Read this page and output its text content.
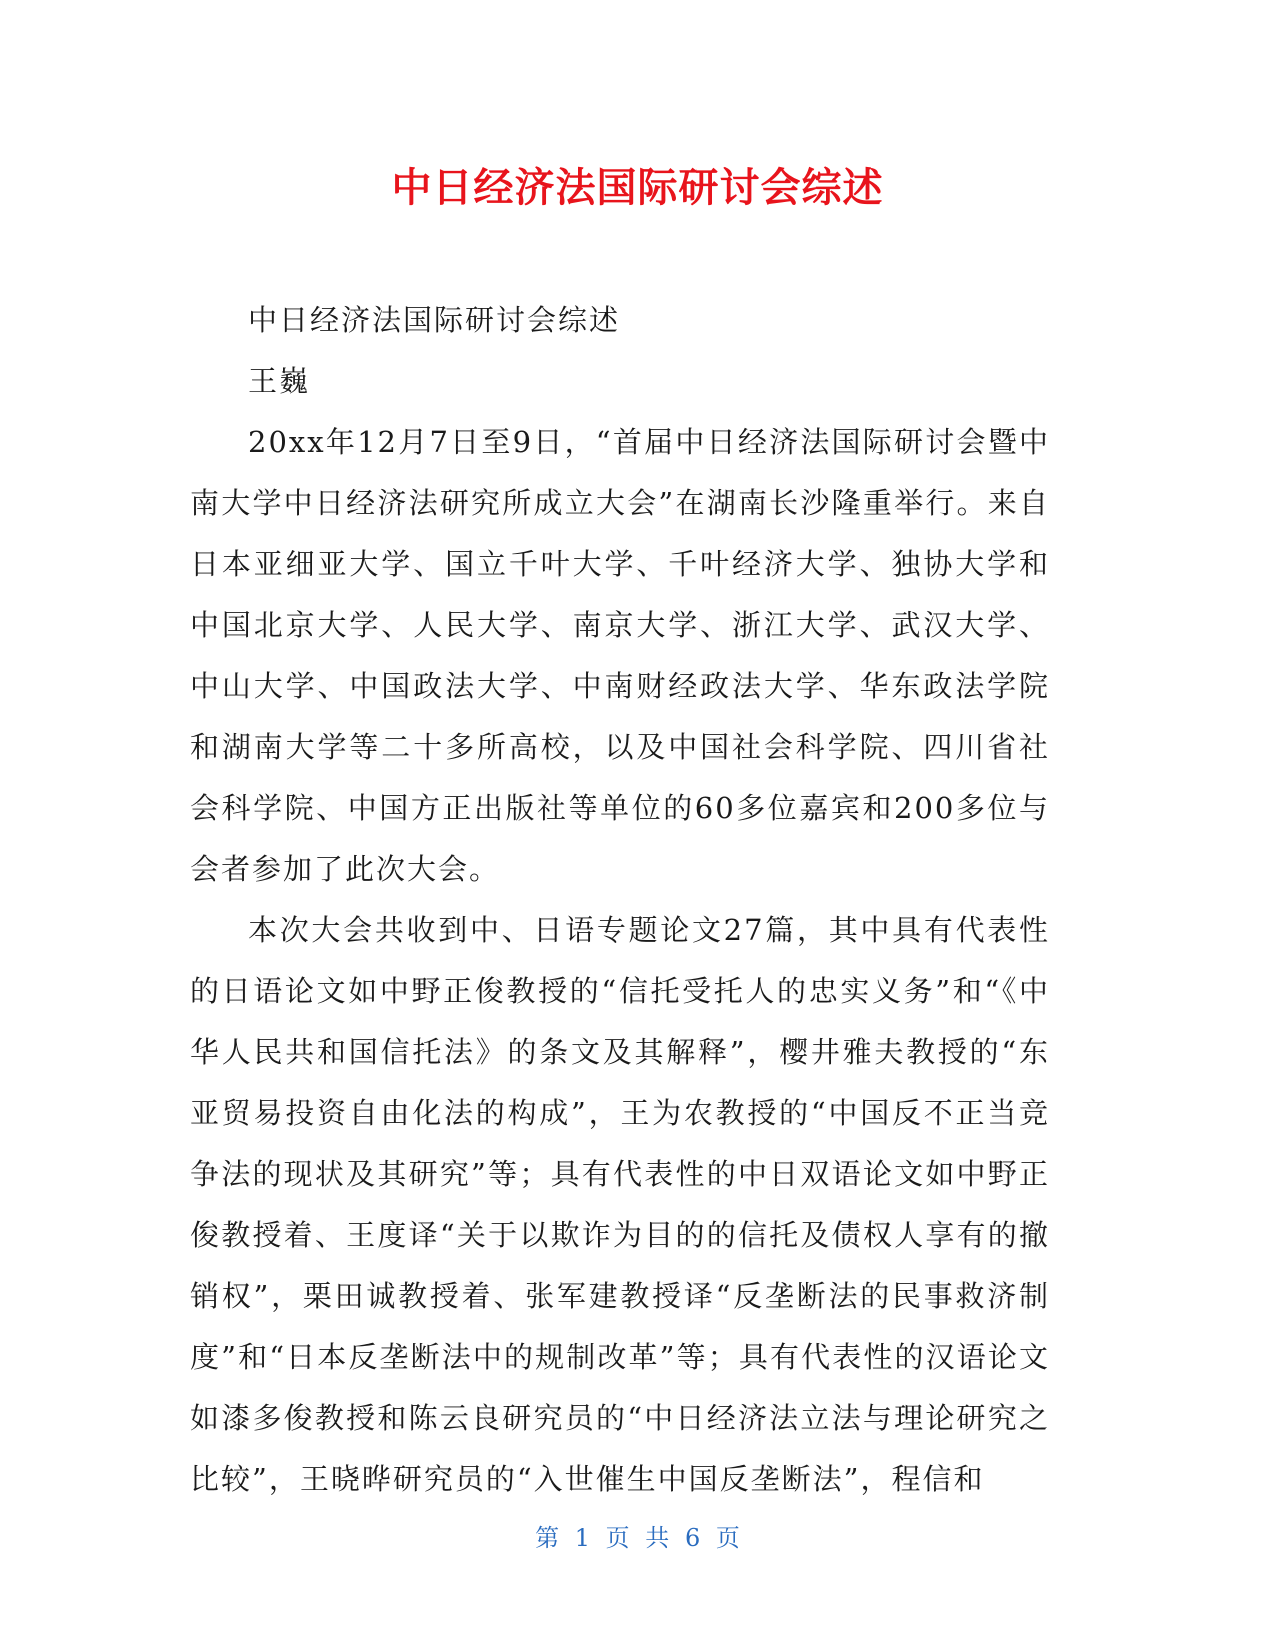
中日经济法国际研讨会综述

中日经济法国际研讨会综述

王巍

20xx年12月7日至9日，“首届中日经济法国际研讨会暨中南大学中日经济法研究所成立大会”在湖南长沙隆重举行。来自日本亚细亚大学、国立千叶大学、千叶经济大学、独协大学和中国北京大学、人民大学、南京大学、浙江大学、武汉大学、中山大学、中国政法大学、中南财经政法大学、华东政法学院和湖南大学等二十多所高校，以及中国社会科学院、四川省社会科学院、中国方正出版社等单位的60多位嘉宾和200多位与会者参加了此次大会。

本次大会共收到中、日语专题论文27篇，其中具有代表性的日语论文如中野正俊教授的“信托受托人的忠实义务”和“《中华人民共和国信托法》的条文及其解释”，樱井雅夫教授的“东亚贸易投资自由化法的构成”，王为农教授的“中国反不正当竞争法的现状及其研究”等；具有代表性的中日双语论文如中野正俊教授着、王度译“关于以欺诈为目的的信托及债权人享有的撤销权”，栗田诚教授着、张军建教授译“反垄断法的民事救济制度”和“日本反垄断法中的规制改革”等；具有代表性的汉语论文如漆多俊教授和陈云良研究员的“中日经济法立法与理论研究之比较”，王晓晔研究员的“入世催生中国反垄断法”，程信和

第 1 页 共 6 页
